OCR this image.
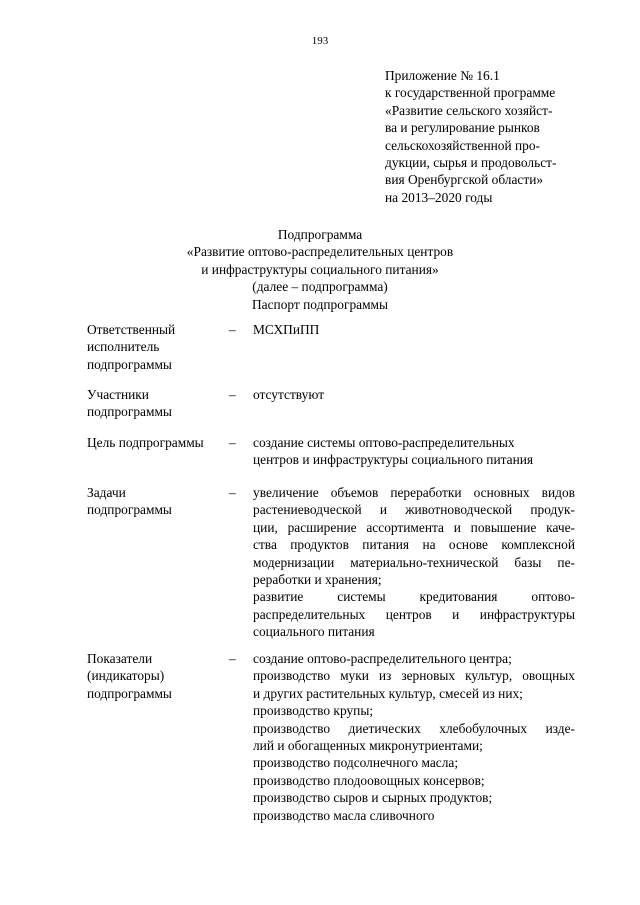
193
Приложение № 16.1
к государственной программе
«Развитие сельского хозяйст-
ва и регулирование рынков
сельскохозяйственной про-
дукции, сырья и продовольст-
вия Оренбургской области»
на 2013–2020 годы
Подпрограмма
«Развитие оптово-распределительных центров
и инфраструктуры социального питания»
(далее – подпрограмма)
Паспорт подпрограммы
Ответственный
исполнитель
подпрограммы
– МСХПиПП
Участники
подпрограммы
– отсутствуют
Цель подпрограммы	– создание системы оптово-распределительных
центров и инфраструктуры социального питания
Задачи
подпрограммы
– увеличение объемов переработки основных видов
растениеводческой и животноводческой продук-
ции, расширение ассортимента и повышение каче-
ства продуктов питания на основе комплексной
модернизации материально-технической базы пе-
реработки и хранения;
развитие системы кредитования оптово-
распределительных центров и инфраструктуры
социального питания
Показатели
(индикаторы)
подпрограммы
– создание оптово-распределительного центра;
производство муки из зерновых культур, овощных
и других растительных культур, смесей из них;
производство крупы;
производство диетических хлебобулочных изде-
лий и обогащенных микронутриентами;
производство подсолнечного масла;
производство плодоовощных консервов;
производство сыров и сырных продуктов;
производство масла сливочного
